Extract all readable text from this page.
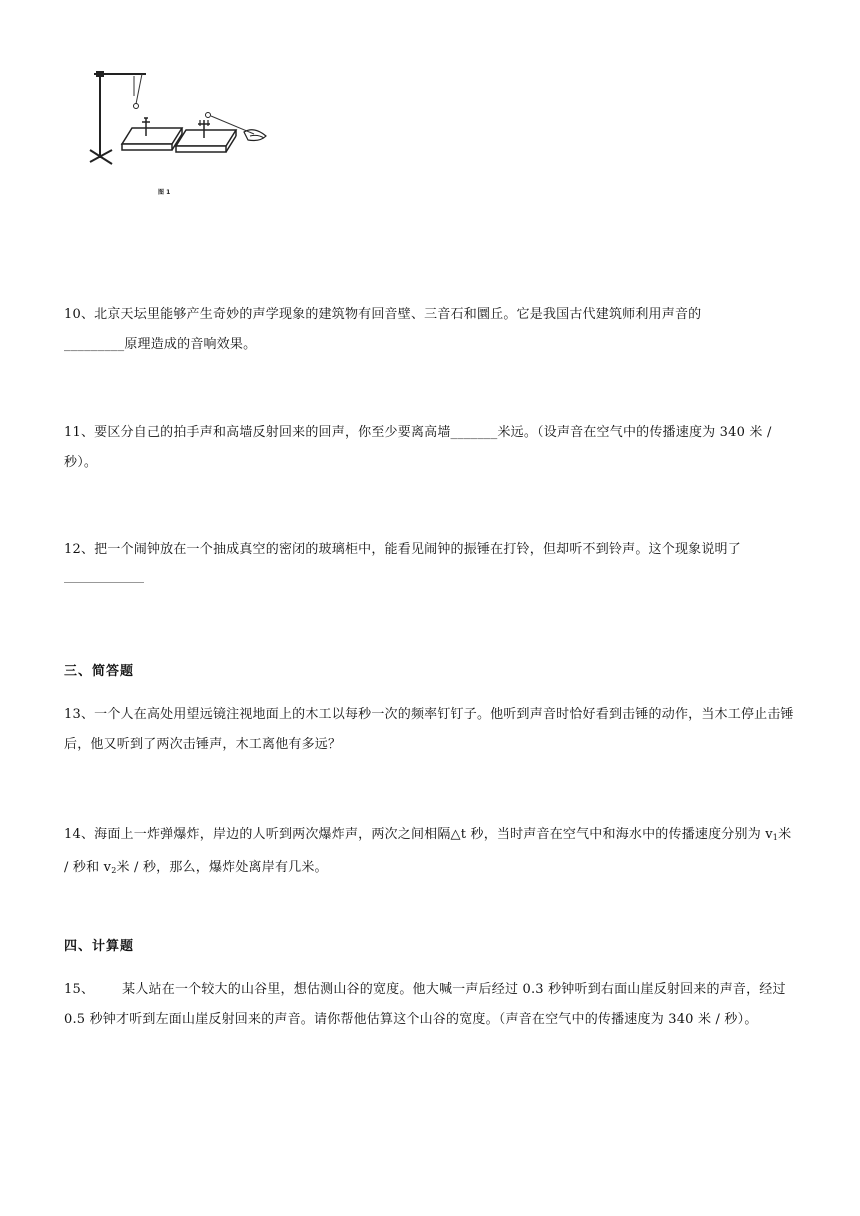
图 1
10、北京天坛里能够产生奇妙的声学现象的建筑物有回音壁、三音石和圜丘。它是我国古代建筑师利用声音的
_________原理造成的音响效果。
11、要区分自己的拍手声和高墙反射回来的回声，你至少要离高墙_______米远。（设声音在空气中的传播速度为 340 米 / 秒）。
12、把一个闹钟放在一个抽成真空的密闭的玻璃柜中，能看见闹钟的振锤在打铃，但却听不到铃声。这个现象说明了

三、简答题
13、一个人在高处用望远镜注视地面上的木工以每秒一次的频率钉钉子。他听到声音时恰好看到击锤的动作，当木工停止击锤后，他又听到了两次击锤声，木工离他有多远？
14、海面上一炸弹爆炸，岸边的人听到两次爆炸声，两次之间相隔△t 秒，当时声音在空气中和海水中的传播速度分别为 $v_1$米 / 秒和 $v_2$米 / 秒，那么，爆炸处离岸有几米。
四、计算题
15、 某人站在一个较大的山谷里，想估测山谷的宽度。他大喊一声后经过 0.3 秒钟听到右面山崖反射回来的声音，经过 0.5 秒钟才听到左面山崖反射回来的声音。请你帮他估算这个山谷的宽度。（声音在空气中的传播速度为 340 米 / 秒）。
